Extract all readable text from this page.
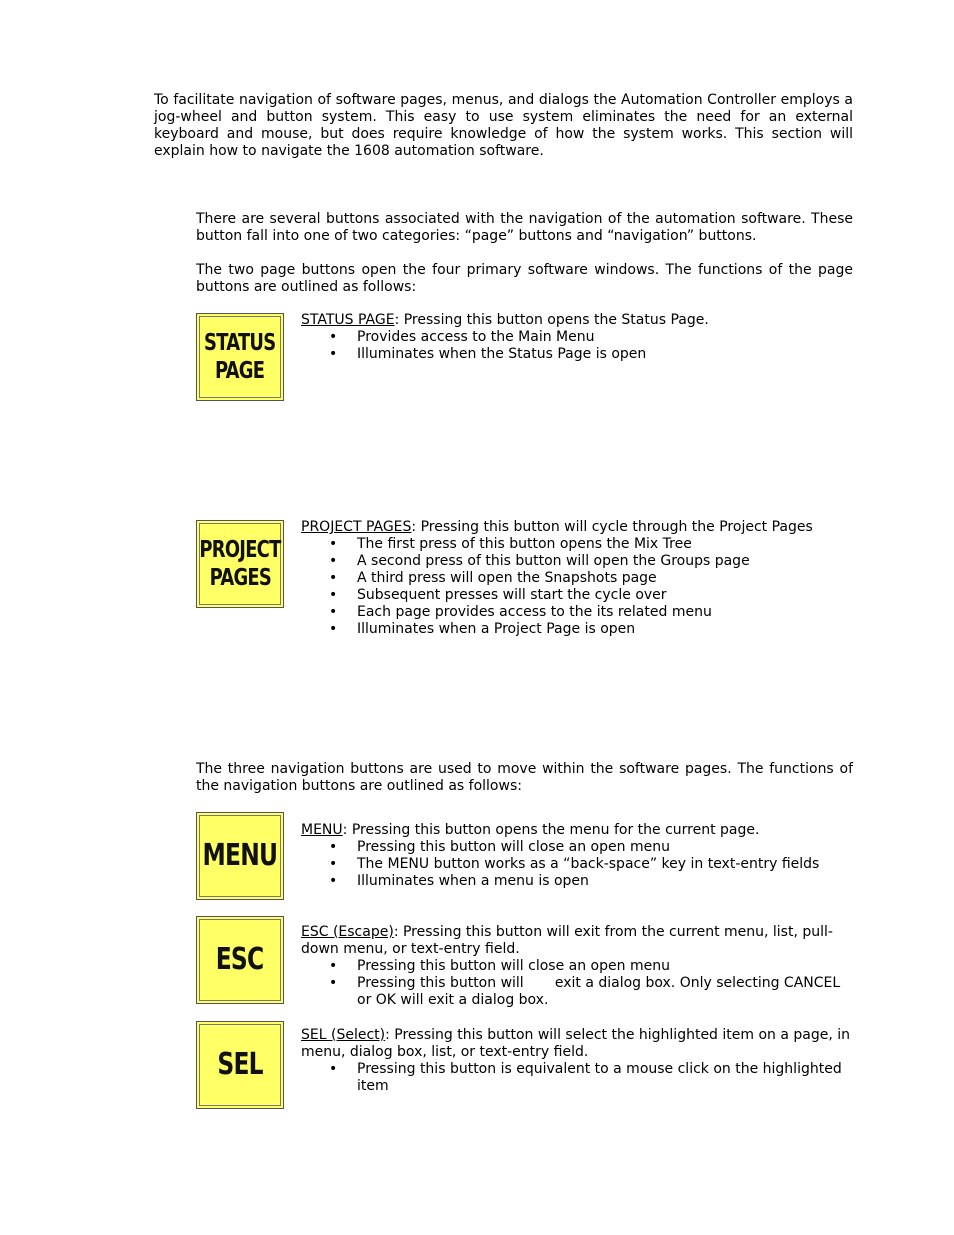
To facilitate navigation of software pages, menus, and dialogs the Automation Controller employs a jog-wheel and button system. This easy to use system eliminates the need for an external keyboard and mouse, but does require knowledge of how the system works. This section will explain how to navigate the 1608 automation software.

There are several buttons associated with the navigation of the automation software. These button fall into one of two categories: “page” buttons and “navigation” buttons.

The two page buttons open the four primary software windows. The functions of the page buttons are outlined as follows:

STATUS
PAGE
STATUS PAGE: Pressing this button opens the Status Page.
• Provides access to the Main Menu
• Illuminates when the Status Page is open
PROJECT
PAGES
PROJECT PAGES: Pressing this button will cycle through the Project Pages
• The first press of this button opens the Mix Tree
• A second press of this button will open the Groups page
• A third press will open the Snapshots page
• Subsequent presses will start the cycle over
• Each page provides access to the its related menu
• Illuminates when a Project Page is open

The three navigation buttons are used to move within the software pages. The functions of the navigation buttons are outlined as follows:

MENU
MENU: Pressing this button opens the menu for the current page.
• Pressing this button will close an open menu
• The MENU button works as a “back-space” key in text-entry fields
• Illuminates when a menu is open
ESC
ESC (Escape): Pressing this button will exit from the current menu, list, pull-down menu, or text-entry field.
• Pressing this button will close an open menu
• Pressing this button will       exit a dialog box. Only selecting CANCEL or OK will exit a dialog box.
SEL
SEL (Select): Pressing this button will select the highlighted item on a page, in menu, dialog box, list, or text-entry field.
• Pressing this button is equivalent to a mouse click on the highlighted item
